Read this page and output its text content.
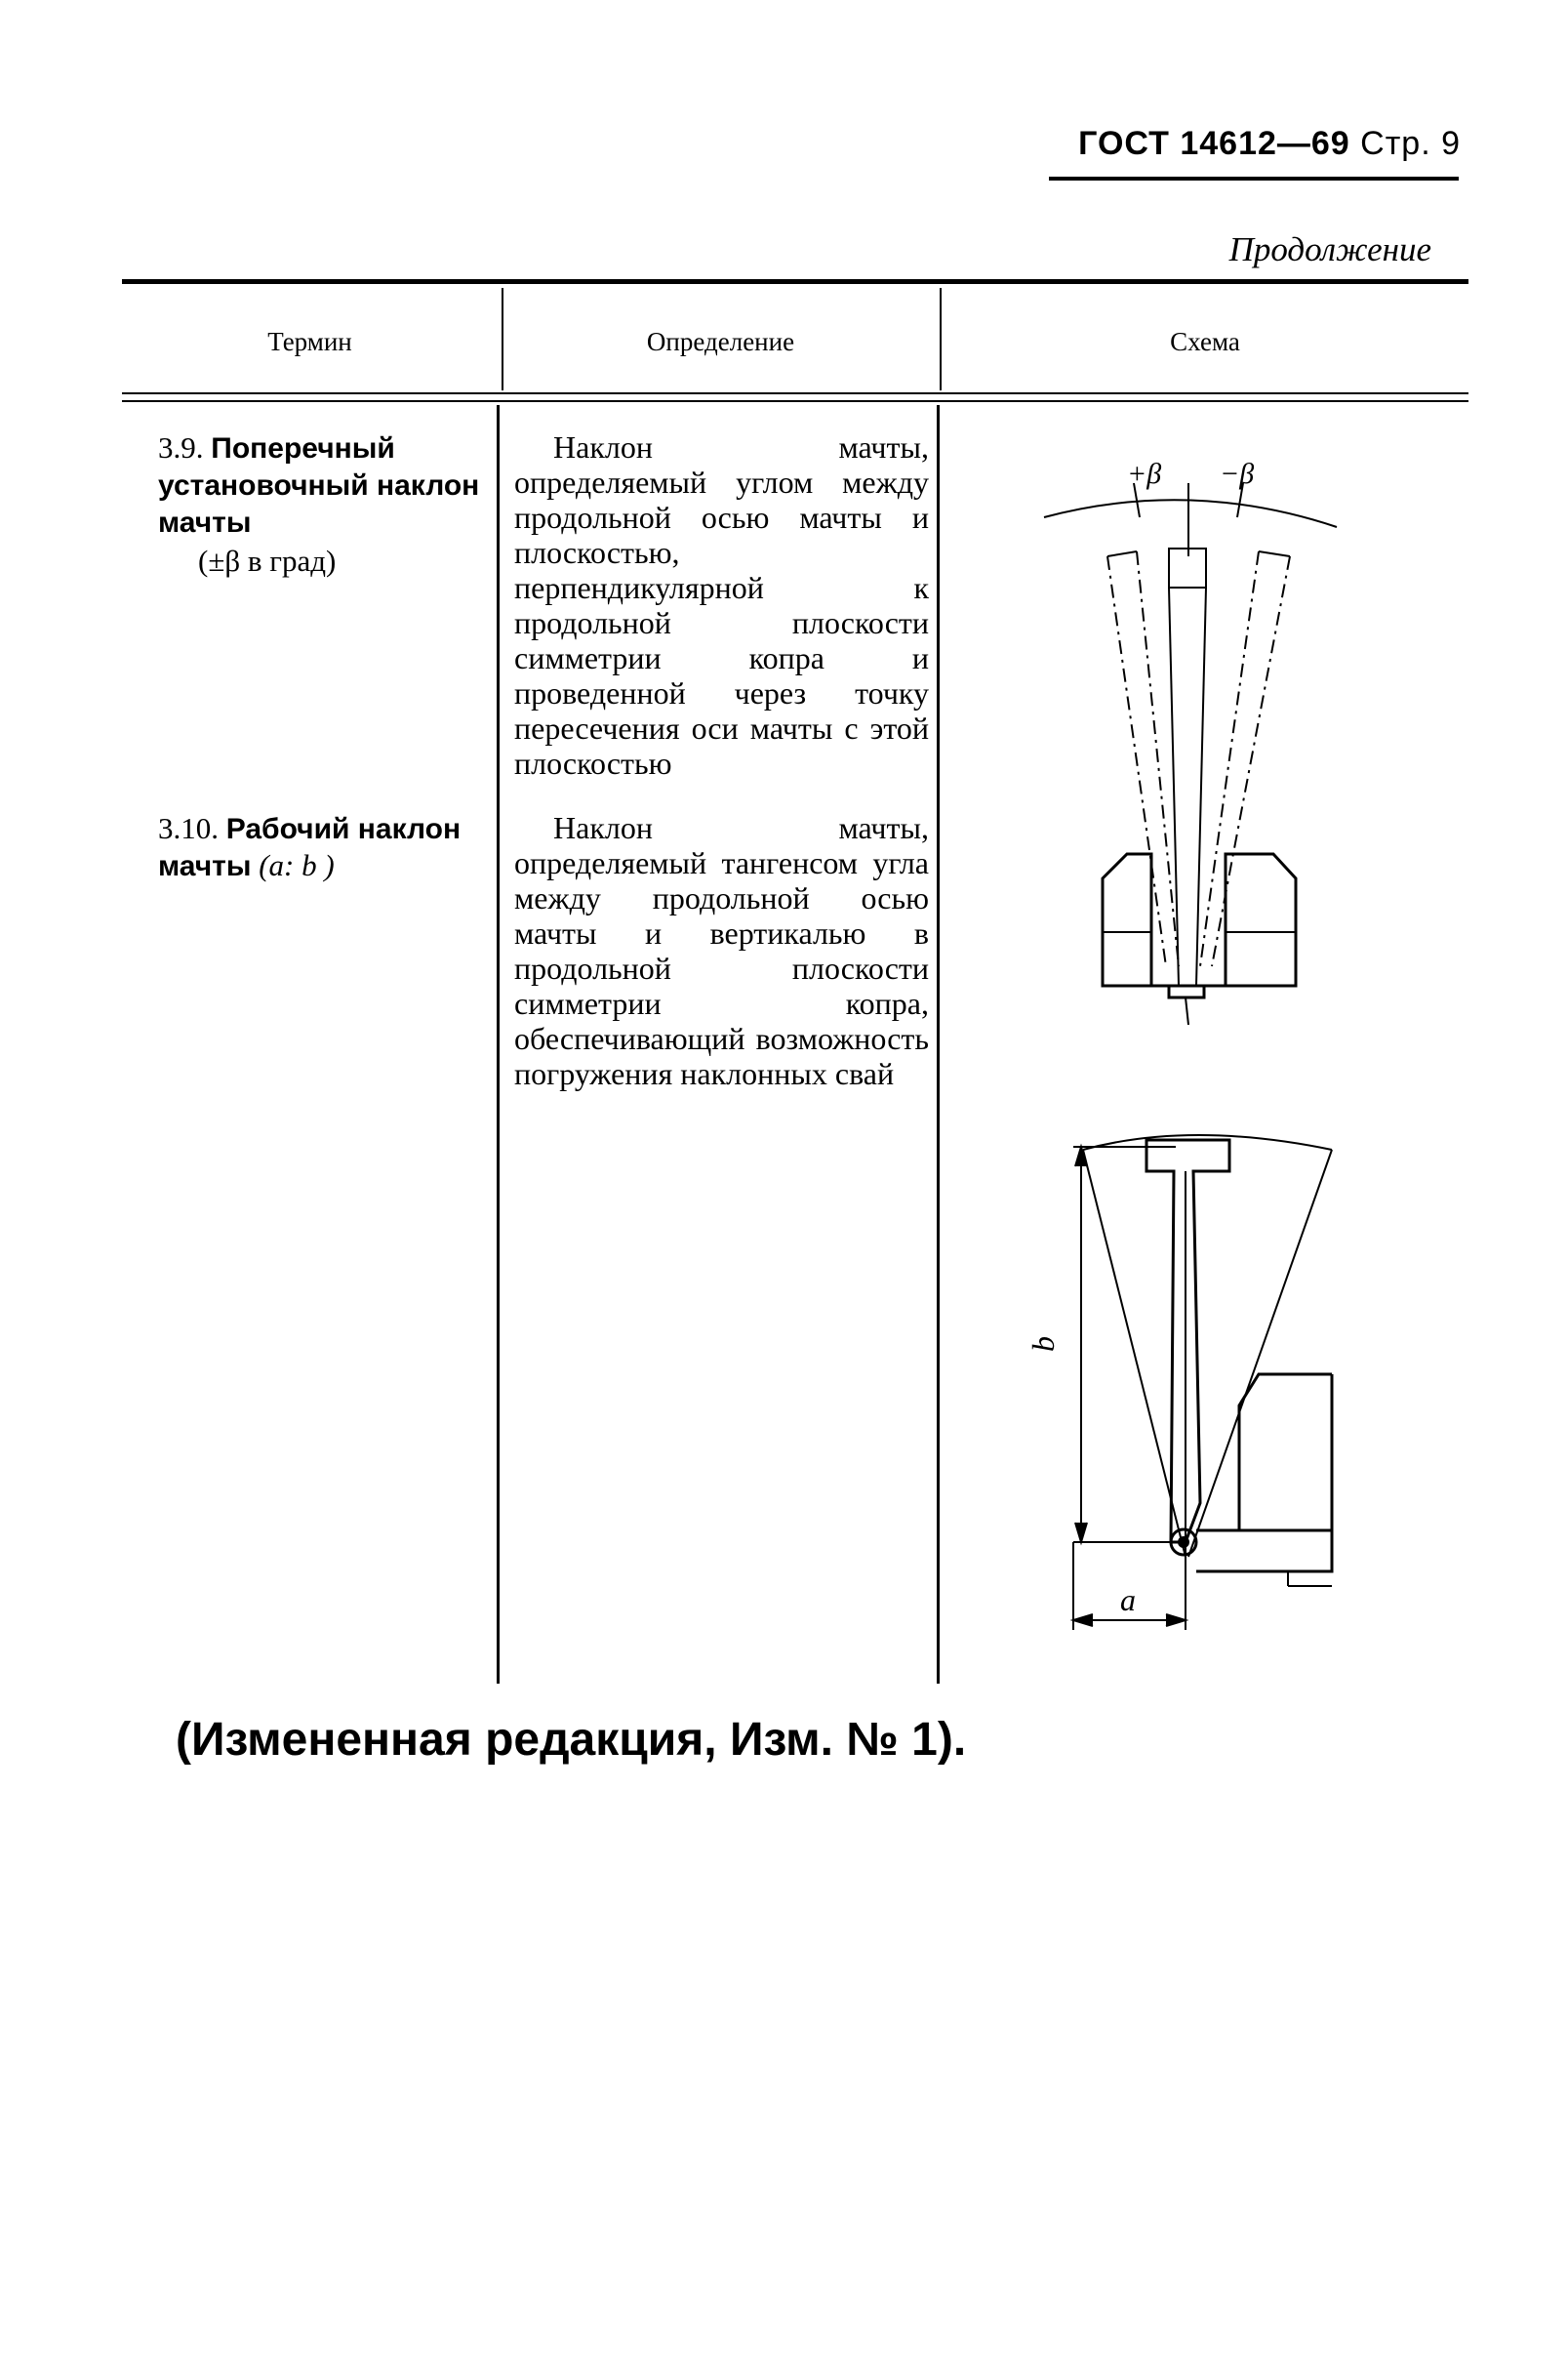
ГОСТ 14612—69 Стр. 9
Продолжение
Термин	Определение	Схема
3.9. Поперечный установочный наклон мачты
(±β в град)
Наклон мачты, определяемый углом между продольной осью мачты и плоскостью, перпендикулярной к продольной плоскости симметрии копра и проведенной через точку пересечения оси мачты с этой плоскостью
3.10. Рабочий наклон мачты (a: b )
Наклон мачты, определяемый тангенсом угла между продольной осью мачты и вертикалью в продольной плоскости симметрии копра, обеспечивающий возможность погружения наклонных свай
+β −β
b
a
(Измененная редакция, Изм. № 1).
